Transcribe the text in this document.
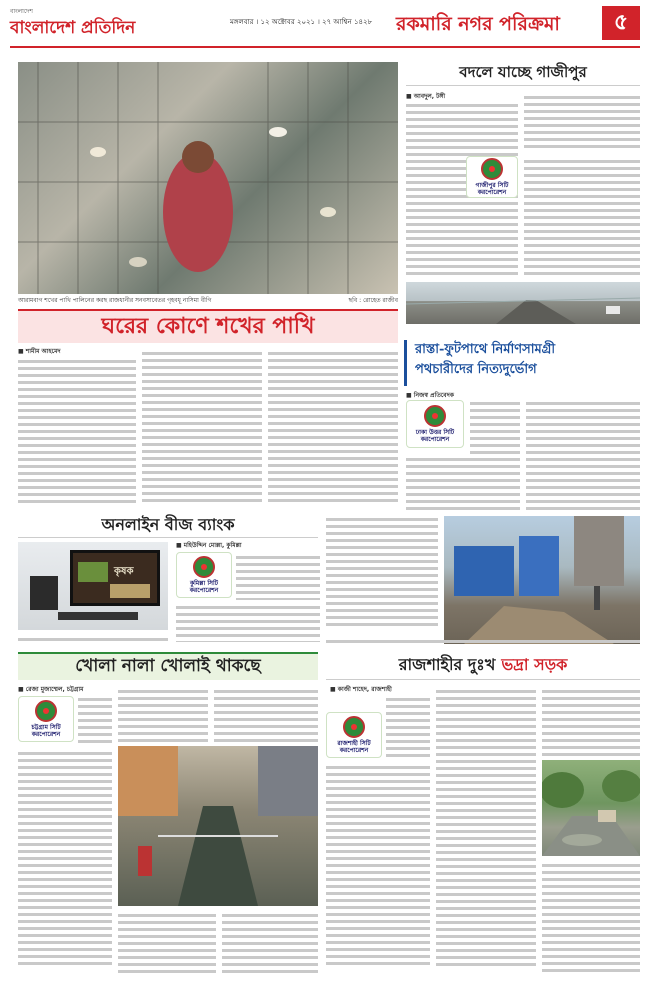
বাংলাদেশ
বাংলাদেশ প্রতিদিন	মঙ্গলবার । ১২ অক্টোবর ২০২১ । ২৭ আশ্বিন ১৪২৮ রকমারি নগর পরিক্রমা ৫
আরামবাগ শখের পাখি পালিনের করছ রাজধানীর সনবসাবেতর গৃহবধূ নাসিমা বীগি	ছবি : রোহেত রাজীব
ঘরের কোণে শখের পাখি
■ শামীম আহমেদ
বদলে যাচ্ছে গাজীপুর
■ আবদুল, টঙ্গী
গাজীপুর সিটি করপোরেশন
রাস্তা-ফুটপাথে নির্মাণসামগ্রী
পথচারীদের নিত্যদুর্ভোগ
■ নিজস্ব প্রতিবেদক
ঢাকা উত্তর সিটি করপোরেশন
অনলাইন বীজ ব্যাংক
কৃষক
■ মহিউদ্দিন মোল্লা, কুমিল্লা
কুমিল্লা সিটি করপোরেশন
খোলা নালা খোলাই থাকছে
■ রেজা মুজাম্মেল, চট্টগ্রাম
চট্টগ্রাম সিটি করপোরেশন
রাজশাহীর দুঃখ ভদ্রা সড়ক
■ কাজী শাহেদ, রাজশাহী
রাজশাহী সিটি করপোরেশন
